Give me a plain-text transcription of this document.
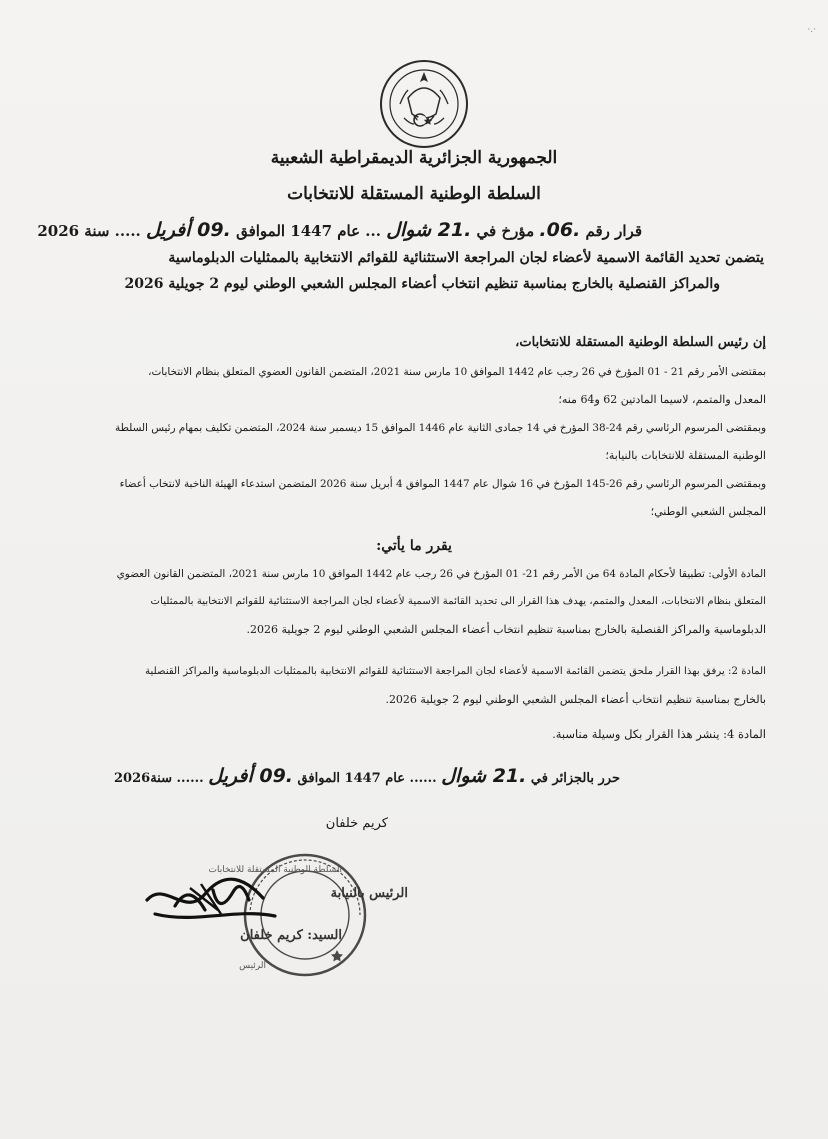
·.·
الجمهورية الجزائرية الديمقراطية الشعبية
السلطة الوطنية المستقلة للانتخابات
قرار رقم .06. مؤرخ في .21 شوال ... عام 1447 الموافق .09 أفريل ..... سنة 2026
يتضمن تحديد القائمة الاسمية لأعضاء لجان المراجعة الاستثنائية للقوائم الانتخابية بالممثليات الدبلوماسية
والمراكز القنصلية بالخارج بمناسبة تنظيم انتخاب أعضاء المجلس الشعبي الوطني ليوم 2 جويلية 2026
إن رئيس السلطة الوطنية المستقلة للانتخابات،
بمقتضى الأمر رقم 21 - 01 المؤرخ في 26 رجب عام 1442 الموافق 10 مارس سنة 2021، المتضمن القانون العضوي المتعلق بنظام الانتخابات،
المعدل والمتمم، لاسيما المادتين 62 و64 منه؛
وبمقتضى المرسوم الرئاسي رقم 24-38 المؤرخ في 14 جمادى الثانية عام 1446 الموافق 15 ديسمبر سنة 2024، المتضمن تكليف بمهام رئيس السلطة
الوطنية المستقلة للانتخابات بالنيابة؛
وبمقتضى المرسوم الرئاسي رقم 26-145 المؤرخ في 16 شوال عام 1447 الموافق 4 أبريل سنة 2026 المتضمن استدعاء الهيئة الناخبة لانتخاب أعضاء
المجلس الشعبي الوطني؛
يقرر ما يأتي:
المادة الأولى: تطبيقا لأحكام المادة 64 من الأمر رقم 21- 01 المؤرخ في 26 رجب عام 1442 الموافق 10 مارس سنة 2021، المتضمن القانون العضوي
المتعلق بنظام الانتخابات، المعدل والمتمم، يهدف هذا القرار الى تحديد القائمة الاسمية لأعضاء لجان المراجعة الاستثنائية للقوائم الانتخابية بالممثليات
الدبلوماسية والمراكز القنصلية بالخارج بمناسبة تنظيم انتخاب أعضاء المجلس الشعبي الوطني ليوم 2 جويلية 2026.
المادة 2: يرفق بهذا القرار ملحق يتضمن القائمة الاسمية لأعضاء لجان المراجعة الاستثنائية للقوائم الانتخابية بالممثليات الدبلوماسية والمراكز القنصلية
بالخارج بمناسبة تنظيم انتخاب أعضاء المجلس الشعبي الوطني ليوم 2 جويلية 2026.
المادة 4: ينشر هذا القرار بكل وسيلة مناسبة.
حرر بالجزائر في .21 شوال ...... عام 1447 الموافق .09 أفريل ...... سنة2026
كريم خلفان
السلطة الوطنية المستقلة للانتخابات
الرئيس بالنيابة
السيد: كريم خلفان
الرئيس
